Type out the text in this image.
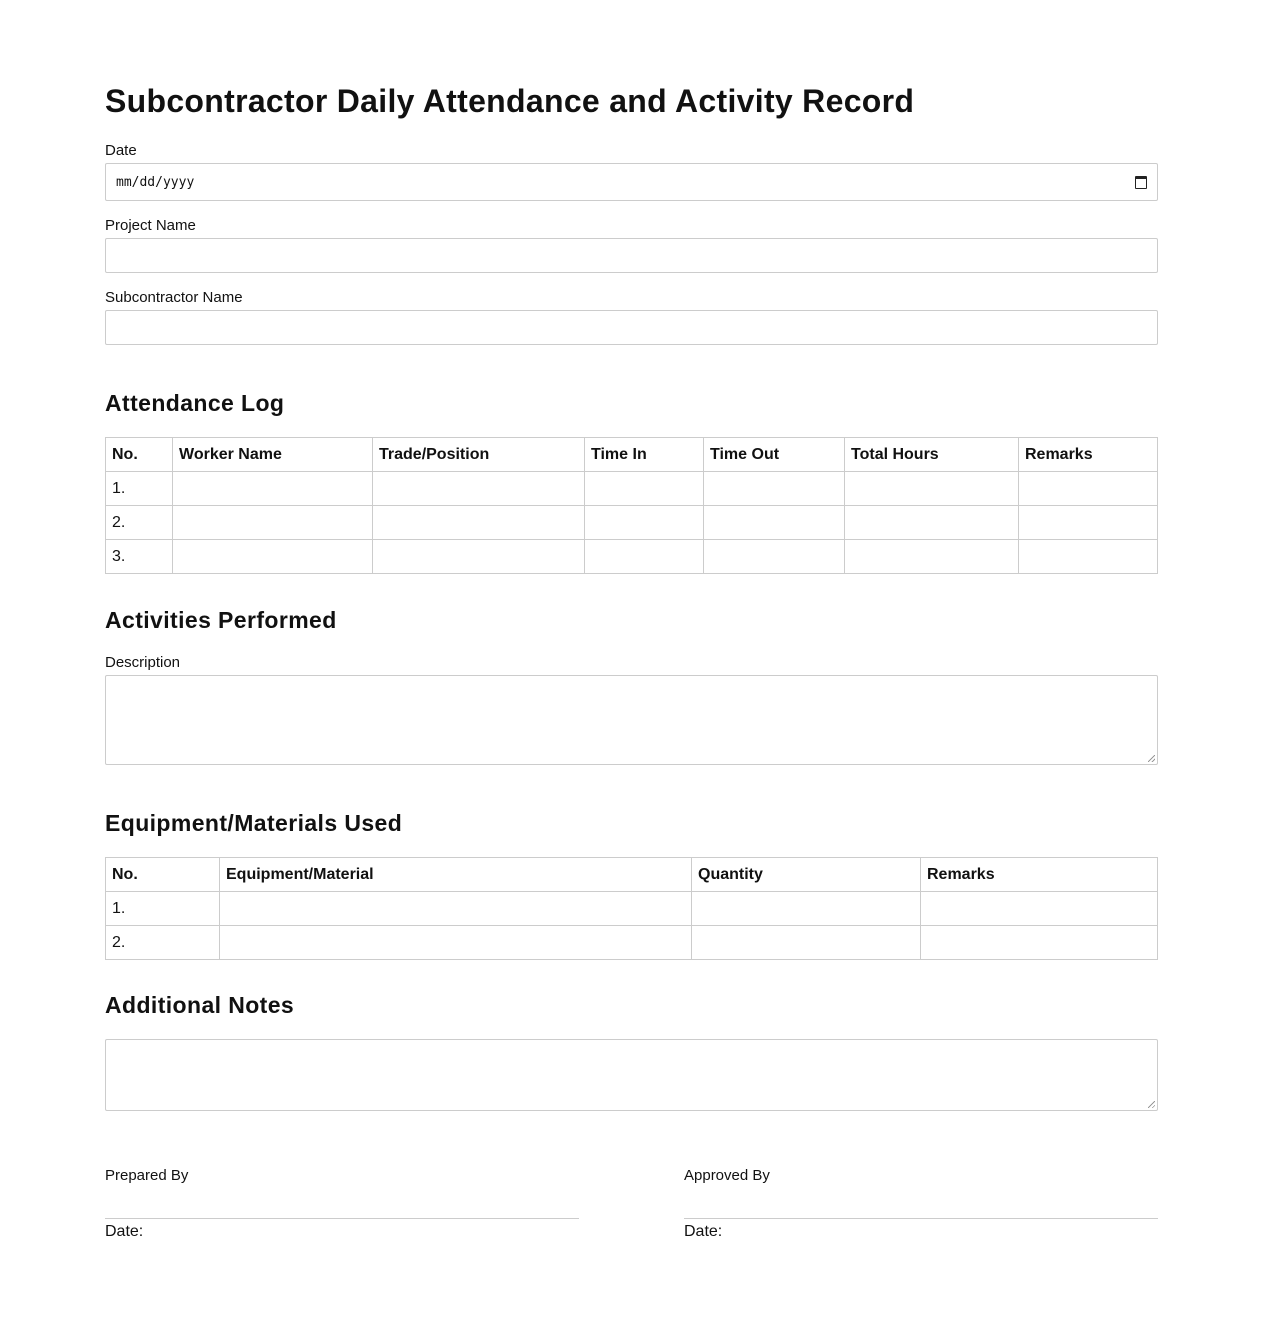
Subcontractor Daily Attendance and Activity Record
Date
mm/dd/yyyy
Project Name
Subcontractor Name
Attendance Log
No.	Worker Name	Trade/Position	Time In	Time Out	Total Hours	Remarks
1.						
2.						
3.						
Activities Performed
Description
Equipment/Materials Used
No.	Equipment/Material	Quantity	Remarks
1.			
2.			
Additional Notes
Prepared By
Date:
Approved By
Date:
